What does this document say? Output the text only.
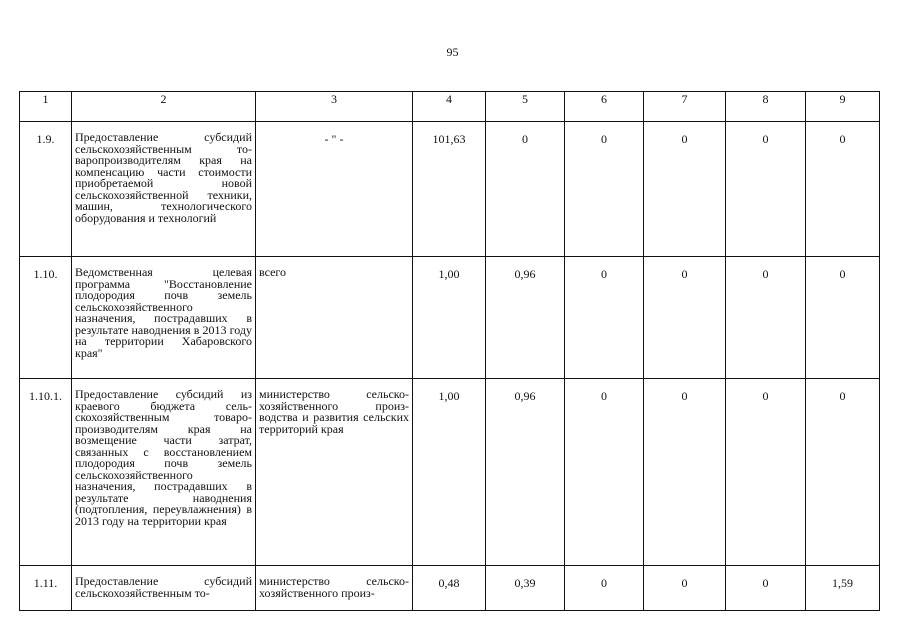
95
1	2	3	4	5	6	7	8	9
1.9.	Предоставление субсидий сельскохозяйственным товаропроизводителям края на компенсацию части стоимости приобретаемой новой сельскохозяйственной техники, машин, технологического оборудования и технологий	- " -	101,63	0	0	0	0	0
1.10.	Ведомственная целевая программа "Восстановление плодородия почв земель сельскохозяйственного назначения, пострадавших в результате наводнения в 2013 году на территории Хабаровского края"	всего	1,00	0,96	0	0	0	0
1.10.1.	Предоставление субсидий из краевого бюджета сельскохозяйственным товаропроизводителям края на возмещение части затрат, связанных с восстановлением плодородия почв земель сельскохозяйственного назначения, пострадавших в результате наводнения (подтопления, переувлажнения) в 2013 году на территории края	министерство сельскохозяйственного производства и развития сельских территорий края	1,00	0,96	0	0	0	0
1.11.	Предоставление субсидий сельскохозяйственным то-	министерство сельскохозяйственного произ-	0,48	0,39	0	0	0	1,59
